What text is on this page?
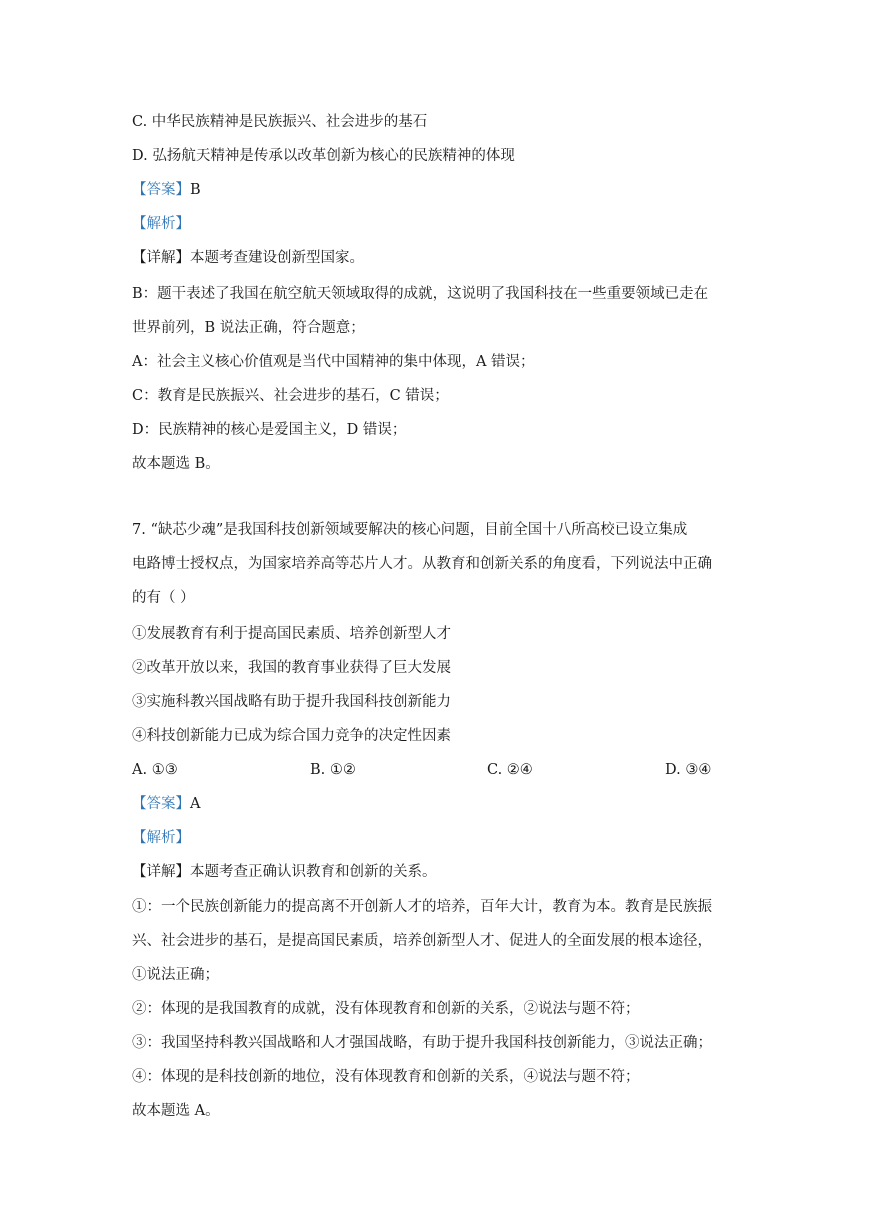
C. 中华民族精神是民族振兴、社会进步的基石
D. 弘扬航天精神是传承以改革创新为核心的民族精神的体现
【答案】B
【解析】
【详解】本题考查建设创新型国家。
B：题干表述了我国在航空航天领域取得的成就，这说明了我国科技在一些重要领域已走在
世界前列，B 说法正确，符合题意；
A：社会主义核心价值观是当代中国精神的集中体现，A 错误；
C：教育是民族振兴、社会进步的基石，C 错误；
D：民族精神的核心是爱国主义，D 错误；
故本题选 B。
7. “缺芯少魂”是我国科技创新领域要解决的核心问题，目前全国十八所高校已设立集成
电路博士授权点，为国家培养高等芯片人才。从教育和创新关系的角度看，下列说法中正确
的有（ ）
①发展教育有利于提高国民素质、培养创新型人才
②改革开放以来，我国的教育事业获得了巨大发展
③实施科教兴国战略有助于提升我国科技创新能力
④科技创新能力已成为综合国力竞争的决定性因素
A. ①③	B. ①②	C. ②④	D. ③④
【答案】A
【解析】
【详解】本题考查正确认识教育和创新的关系。
①：一个民族创新能力的提高离不开创新人才的培养，百年大计，教育为本。教育是民族振
兴、社会进步的基石，是提高国民素质，培养创新型人才、促进人的全面发展的根本途径，
①说法正确；
②：体现的是我国教育的成就，没有体现教育和创新的关系，②说法与题不符；
③：我国坚持科教兴国战略和人才强国战略，有助于提升我国科技创新能力，③说法正确；
④：体现的是科技创新的地位，没有体现教育和创新的关系，④说法与题不符；
故本题选 A。
